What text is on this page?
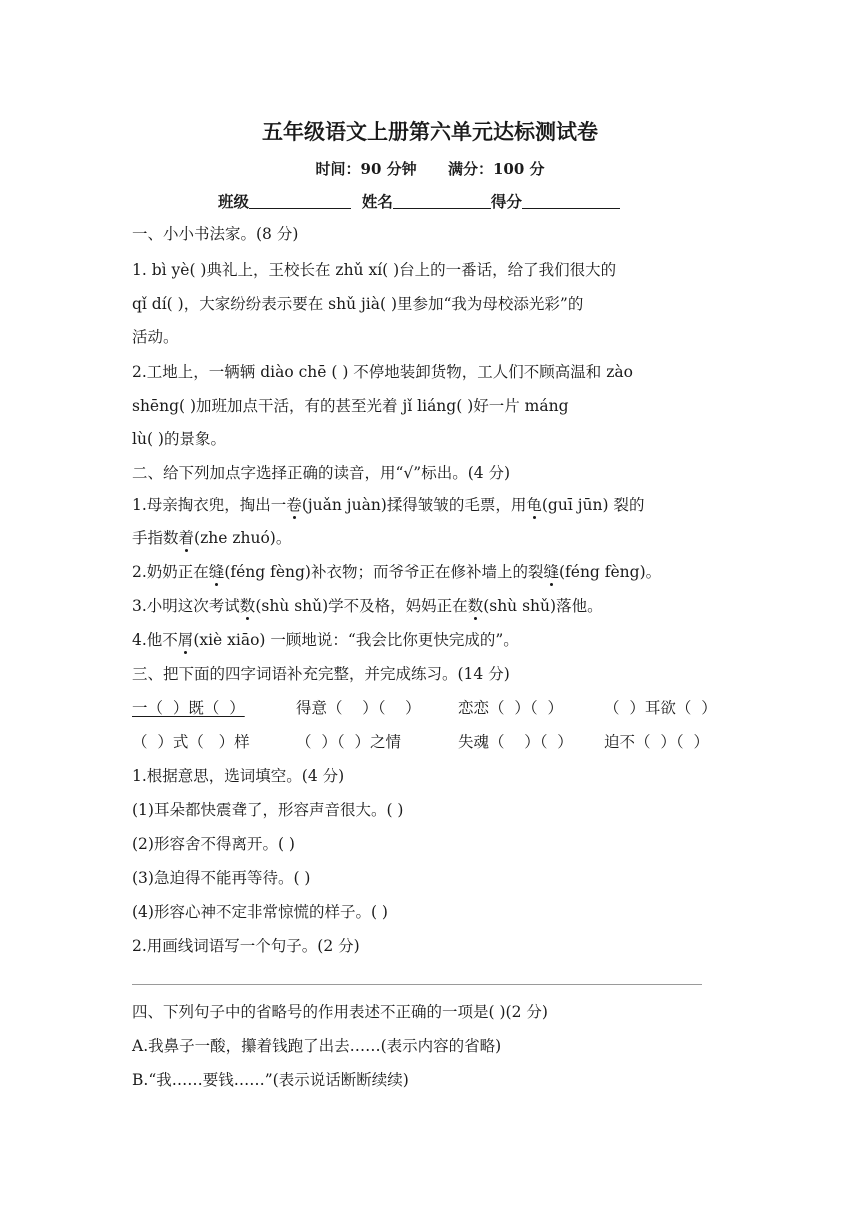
五年级语文上册第六单元达标测试卷
时间：90 分钟      满分：100 分
班级	姓名	得分
一、小小书法家。(8 分)
1. bì yè( )典礼上，王校长在 zhǔ xí( )台上的一番话，给了我们很大的
qǐ dí( )，大家纷纷表示要在 shǔ jià( )里参加“我为母校添光彩”的
活动。
2.工地上，一辆辆 diào chē ( ) 不停地装卸货物，工人们不顾高温和 zào
shēng( )加班加点干活，有的甚至光着 jǐ liáng( )好一片 máng
lù( )的景象。
二、给下列加点字选择正确的读音，用“√”标出。(4 分)
1.母亲掏衣兜，掏出一卷(juǎn juàn)揉得皱皱的毛票，用龟(guī jūn) 裂的
手指数着(zhe zhuó)。
2.奶奶正在缝(féng fèng)补衣物；而爷爷正在修补墙上的裂缝(féng fèng)。
3.小明这次考试数(shù shǔ)学不及格，妈妈正在数(shù shǔ)落他。
4.他不屑(xiè xiāo) 一顾地说：“我会比你更快完成的”。
三、把下面的四字词语补充完整，并完成练习。(14 分)
一（  ）既（  ）	得意（    ）（    ） 恋恋（  ）（  ）	（  ）耳欲（  ）
（  ）式（   ）样	（  ）（  ）之情	失魂（    ）（  ） 迫不（  ）（  ）
1.根据意思，选词填空。(4 分)
(1)耳朵都快震聋了，形容声音很大。( )
(2)形容舍不得离开。( )
(3)急迫得不能再等待。( )
(4)形容心神不定非常惊慌的样子。( )
2.用画线词语写一个句子。(2 分)
四、下列句子中的省略号的作用表述不正确的一项是( )(2 分)
A.我鼻子一酸，攥着钱跑了出去……(表示内容的省略)
B.“我……要钱……”(表示说话断断续续)
